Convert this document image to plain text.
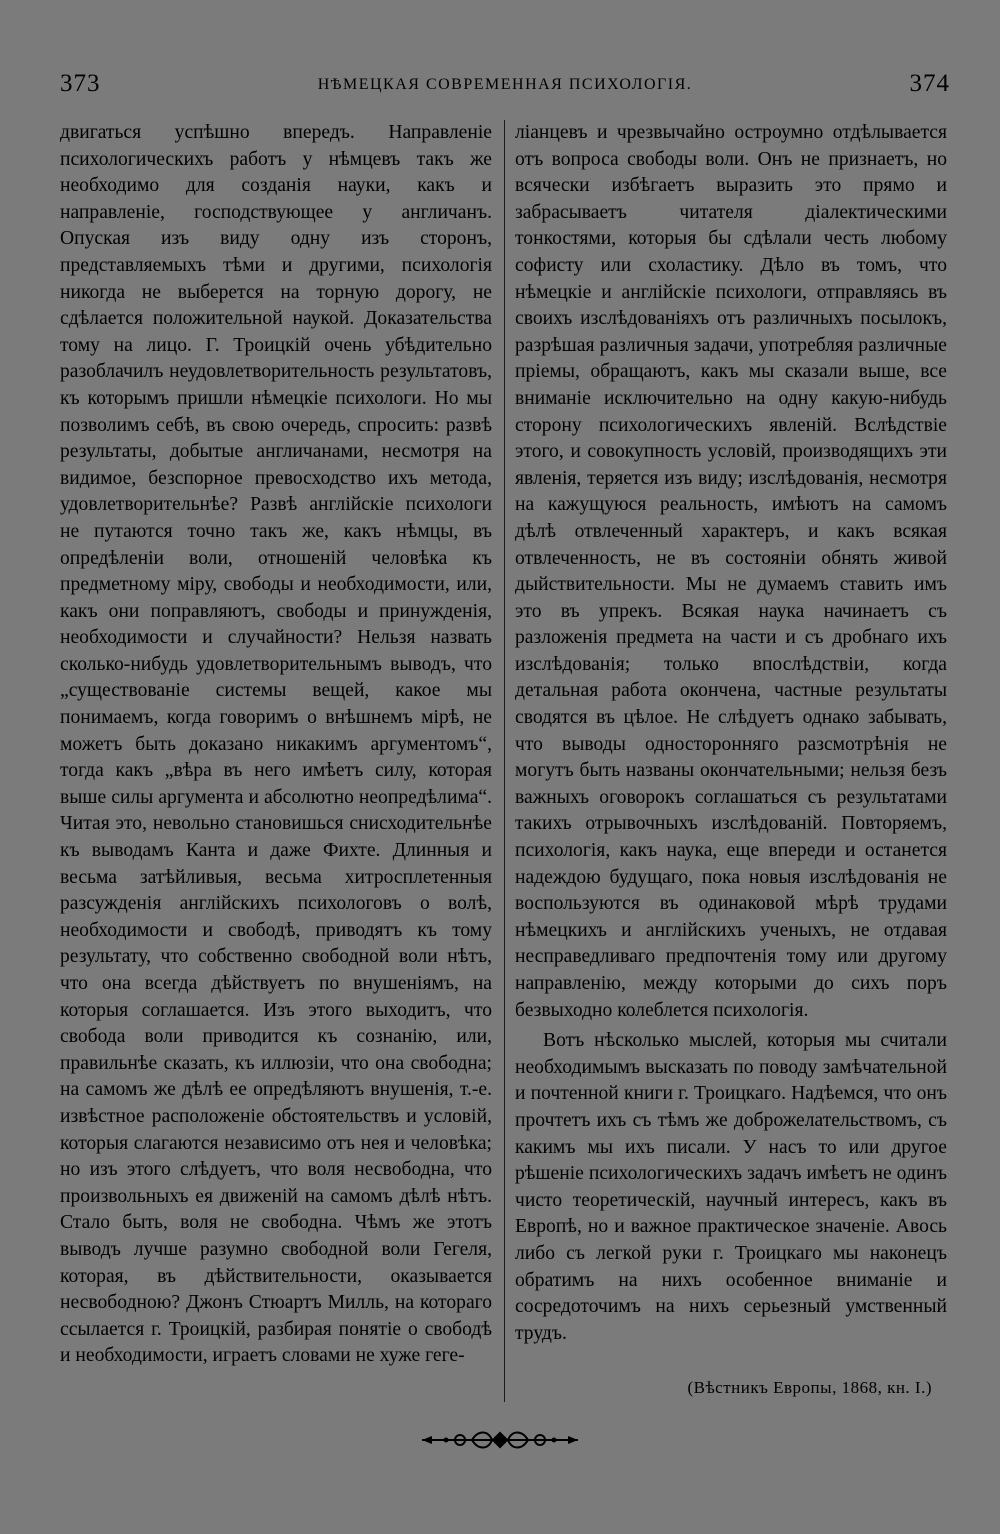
373	НѢМЕЦКАЯ СОВРЕМЕННАЯ ПСИХОЛОГІЯ.	374

двигаться успѣшно впередъ. Направленіе психологическихъ работъ у нѣмцевъ такъ же необходимо для созданія науки, какъ и направленіе, господствующее у англичанъ. Опуская изъ виду одну изъ сторонъ, представляемыхъ тѣми и другими, психологія никогда не выберется на торную дорогу, не сдѣлается положительной наукой. Доказательства тому на лицо. Г. Троицкій очень убѣдительно разоблачилъ неудовлетворительность результатовъ, къ которымъ пришли нѣмецкіе психологи. Но мы позволимъ себѣ, въ свою очередь, спросить: развѣ результаты, добытые англичанами, несмотря на видимое, безспорное превосходство ихъ метода, удовлетворительнѣе? Развѣ англійскіе психологи не путаются точно такъ же, какъ нѣмцы, въ опредѣленіи воли, отношеній человѣка къ предметному міру, свободы и необходимости, или, какъ они поправляютъ, свободы и принужденія, необходимости и случайности? Нельзя назвать сколько-нибудь удовлетворительнымъ выводъ, что „существованіе системы вещей, какое мы понимаемъ, когда говоримъ о внѣшнемъ мірѣ, не можетъ быть доказано никакимъ аргументомъ“, тогда какъ „вѣра въ него имѣетъ силу, которая выше силы аргумента и абсолютно неопредѣлима“. Читая это, невольно становишься снисходительнѣе къ выводамъ Канта и даже Фихте. Длинныя и весьма затѣйливыя, весьма хитросплетенныя разсужденія англійскихъ психологовъ о волѣ, необходимости и свободѣ, приводятъ къ тому результату, что собственно свободной воли нѣтъ, что она всегда дѣйствуетъ по внушеніямъ, на которыя соглашается. Изъ этого выходитъ, что свобода воли приводится къ сознанію, или, правильнѣе сказать, къ иллюзіи, что она свободна; на самомъ же дѣлѣ ее опредѣляютъ внушенія, т.-е. извѣстное расположеніе обстоятельствъ и условій, которыя слагаются независимо отъ нея и человѣка; но изъ этого слѣдуетъ, что воля несвободна, что произвольныхъ ея движеній на самомъ дѣлѣ нѣтъ. Стало быть, воля не свободна. Чѣмъ же этотъ выводъ лучше разумно свободной воли Гегеля, которая, въ дѣйствительности, оказывается несвободною? Джонъ Стюартъ Милль, на котораго ссылается г. Троицкій, разбирая понятіе о свободѣ и необходимости, играетъ словами не хуже геге-

ліанцевъ и чрезвычайно остроумно отдѣлывается отъ вопроса свободы воли. Онъ не признаетъ, но всячески избѣгаетъ выразить это прямо и забрасываетъ читателя діалектическими тонкостями, которыя бы сдѣлали честь любому софисту или схоластику. Дѣло въ томъ, что нѣмецкіе и англійскіе психологи, отправляясь въ своихъ изслѣдованіяхъ отъ различныхъ посылокъ, разрѣшая различныя задачи, употребляя различные пріемы, обращаютъ, какъ мы сказали выше, все вниманіе исключительно на одну какую-нибудь сторону психологическихъ явленій. Вслѣдствіе этого, и совокупность условій, производящихъ эти явленія, теряется изъ виду; изслѣдованія, несмотря на кажущуюся реальность, имѣютъ на самомъ дѣлѣ отвлеченный характеръ, и какъ всякая отвлеченность, не въ состояніи обнять живой дыйствительности. Мы не думаемъ ставить имъ это въ упрекъ. Всякая наука начинаетъ съ разложенія предмета на части и съ дробнаго ихъ изслѣдованія; только впослѣдствіи, когда детальная работа окончена, частные результаты сводятся въ цѣлое. Не слѣдуетъ однако забывать, что выводы односторонняго разсмотрѣнія не могутъ быть названы окончательными; нельзя безъ важныхъ оговорокъ соглашаться съ результатами такихъ отрывочныхъ изслѣдованій. Повторяемъ, психологія, какъ наука, еще впереди и останется надеждою будущаго, пока новыя изслѣдованія не воспользуются въ одинаковой мѣрѣ трудами нѣмецкихъ и англійскихъ ученыхъ, не отдавая несправедливаго предпочтенія тому или другому направленію, между которыми до сихъ поръ безвыходно колеблется психологія.

Вотъ нѣсколько мыслей, которыя мы считали необходимымъ высказать по поводу замѣчательной и почтенной книги г. Троицкаго. Надѣемся, что онъ прочтетъ ихъ съ тѣмъ же доброжелательствомъ, съ какимъ мы ихъ писали. У насъ то или другое рѣшеніе психологическихъ задачъ имѣетъ не одинъ чисто теоретическій, научный интересъ, какъ въ Европѣ, но и важное практическое значеніе. Авось либо съ легкой руки г. Троицкаго мы наконецъ обратимъ на нихъ особенное вниманіе и сосредоточимъ на нихъ серьезный умственный трудъ.

(Вѣстникъ Европы, 1868, кн. I.)
